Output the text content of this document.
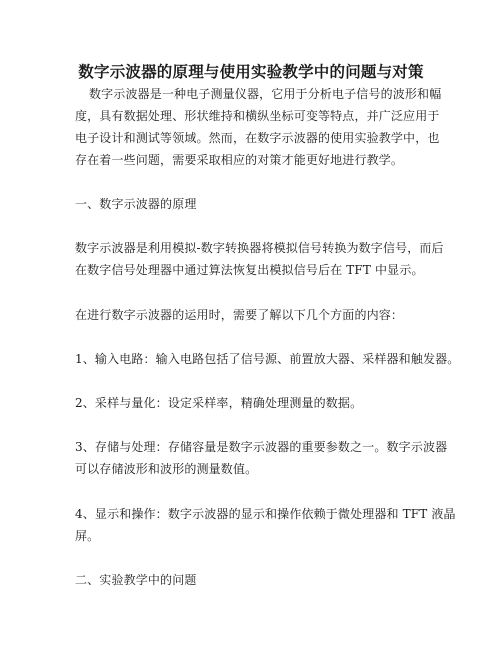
数字示波器的原理与使用实验教学中的问题与对策
数字示波器是一种电子测量仪器，它用于分析电子信号的波形和幅
度，具有数据处理、形状维持和横纵坐标可变等特点，并广泛应用于
电子设计和测试等领域。然而，在数字示波器的使用实验教学中，也
存在着一些问题，需要采取相应的对策才能更好地进行教学。
一、数字示波器的原理
数字示波器是利用模拟-数字转换器将模拟信号转换为数字信号，而后
在数字信号处理器中通过算法恢复出模拟信号后在 TFT 中显示。
在进行数字示波器的运用时，需要了解以下几个方面的内容：
1、输入电路：输入电路包括了信号源、前置放大器、采样器和触发器。
2、采样与量化：设定采样率，精确处理测量的数据。
3、存储与处理：存储容量是数字示波器的重要参数之一。数字示波器
可以存储波形和波形的测量数值。
4、显示和操作：数字示波器的显示和操作依赖于微处理器和 TFT 液晶
屏。
二、实验教学中的问题
